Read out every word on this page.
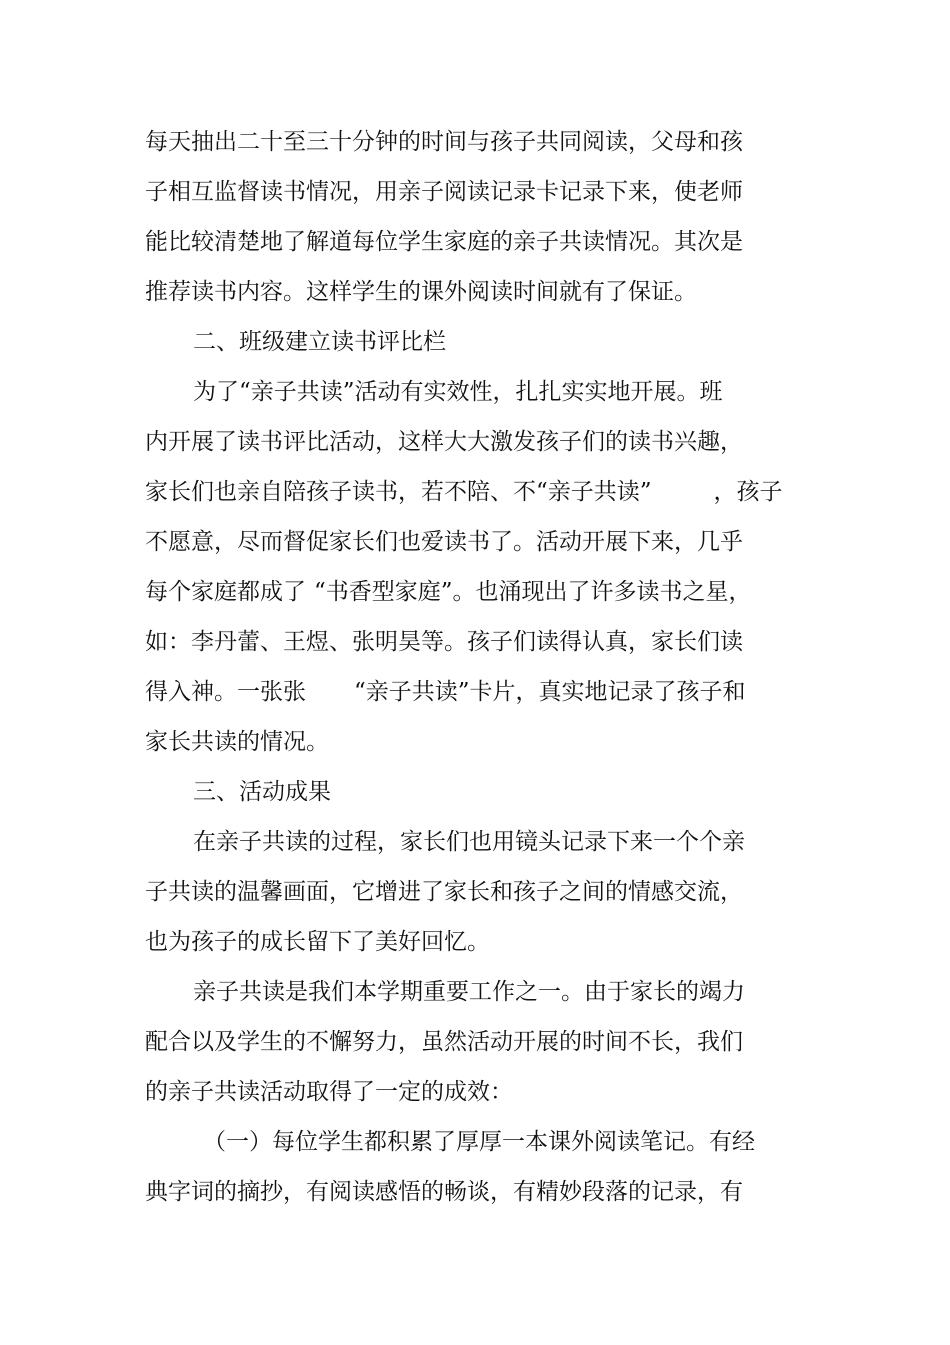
每天抽出二十至三十分钟的时间与孩子共同阅读，父母和孩
子相互监督读书情况，用亲子阅读记录卡记录下来，使老师
能比较清楚地了解道每位学生家庭的亲子共读情况。其次是
推荐读书内容。这样学生的课外阅读时间就有了保证。
二、班级建立读书评比栏
为了“亲子共读”活动有实效性，扎扎实实地开展。班
内开展了读书评比活动，这样大大激发孩子们的读书兴趣，
家长们也亲自陪孩子读书，若不陪、不“亲子共读”	，孩子
不愿意，尽而督促家长们也爱读书了。活动开展下来，几乎
每个家庭都成了 “书香型家庭”。也涌现出了许多读书之星，
如：李丹蕾、王煜、张明昊等。孩子们读得认真，家长们读
得入神。一张张 “亲子共读”卡片，真实地记录了孩子和
家长共读的情况。
三、活动成果
在亲子共读的过程，家长们也用镜头记录下来一个个亲
子共读的温馨画面，它增进了家长和孩子之间的情感交流，
也为孩子的成长留下了美好回忆。
亲子共读是我们本学期重要工作之一。由于家长的竭力
配合以及学生的不懈努力，虽然活动开展的时间不长，我们
的亲子共读活动取得了一定的成效：
（一）每位学生都积累了厚厚一本课外阅读笔记。有经
典字词的摘抄，有阅读感悟的畅谈，有精妙段落的记录，有
